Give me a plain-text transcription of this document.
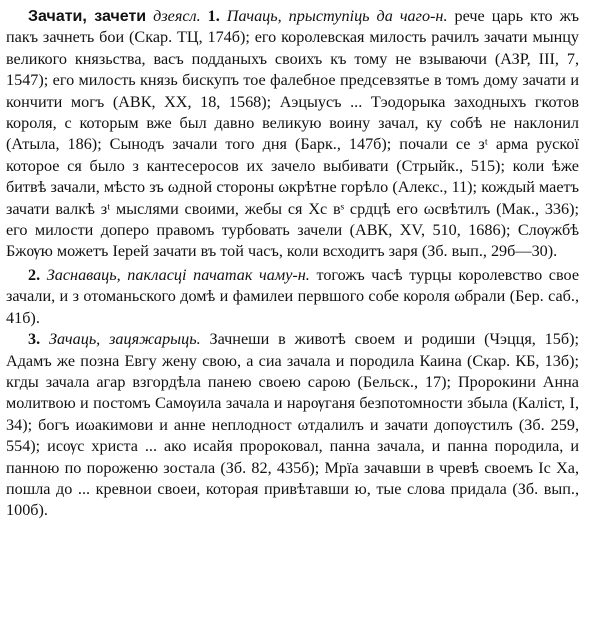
Зачати, зачети дзеясл. 1. Пачаць, прыступіць да чаго-н. рече царь кто жъ пакъ зачнеть бои (Скар. ТЦ, 174б); его королевская милость рачилъ зачати мынцу великого князьства, васъ подданыхъ своихъ къ тому не взываючи (АЗР, III, 7, 1547); его милость князь бискупъ тое фалебное предсевзятье в томъ дому зачати и кончити могъ (АВК, XX, 18, 1568); Аэцыусъ ... Тэодорыка заходныхъ гкотов короля, с которым вже был давно великую воину зачал, ку собѣ не наклонил (Атыла, 186); Сынодъ зачали того дня (Барк., 147б); почали се зᵗ арма рускої которое ся было з кантесеросов их зачело выбивати (Стрыйк., 515); коли ѣже битвѣ зачали, мѣсто зъ ωдной стороны ωкрѣтне горѣло (Алекс., 11); кождый маетъ зачати валкѣ зᵗ мыслями своими, жебы ся Хс вˢ срдцѣ его ωсвѣтилъ (Мак., 336); его милости доперо правомъ турбовать зачели (АВК, XV, 510, 1686); Слѹжбѣ Бжѹю можетъ Іерей зачати въ той часъ, коли всходитъ заря (Зб. вып., 29б—30).

2. Заснаваць, пакласці пачатак чаму-н. тогожъ часѣ турцы королевство свое зачали, и з отоманьского домѣ и фамилеи первшого собе короля ωбрали (Бер. саб., 41б).

3. Зачаць, зацяжарыць. Зачнеши в животѣ своем и родиши (Чэцця, 15б); Адамъ же позна Евгу жену свою, а сиа зачала и породила Каина (Скар. КБ, 13б); кгды зачала агар взгордѣла панею своею сарою (Бельск., 17); Пророкини Анна молитвою и постомъ Самѹила зачала и нарѹганя безпотомности збыла (Каліст, I, 34); богъ иωакимови и анне неплодност ωтдалилъ и зачати допѹстилъ (Зб. 259, 554); исѹс христа ... ако исайя пророковал, панна зачала, и панна породила, и панною по пороженю зостала (Зб. 82, 435б); Мрїа зачавши в чревѣ своемъ Іс Ха, пошла до ... кревнои своеи, которая привѣтавши ю, тые слова придала (Зб. вып., 100б).
